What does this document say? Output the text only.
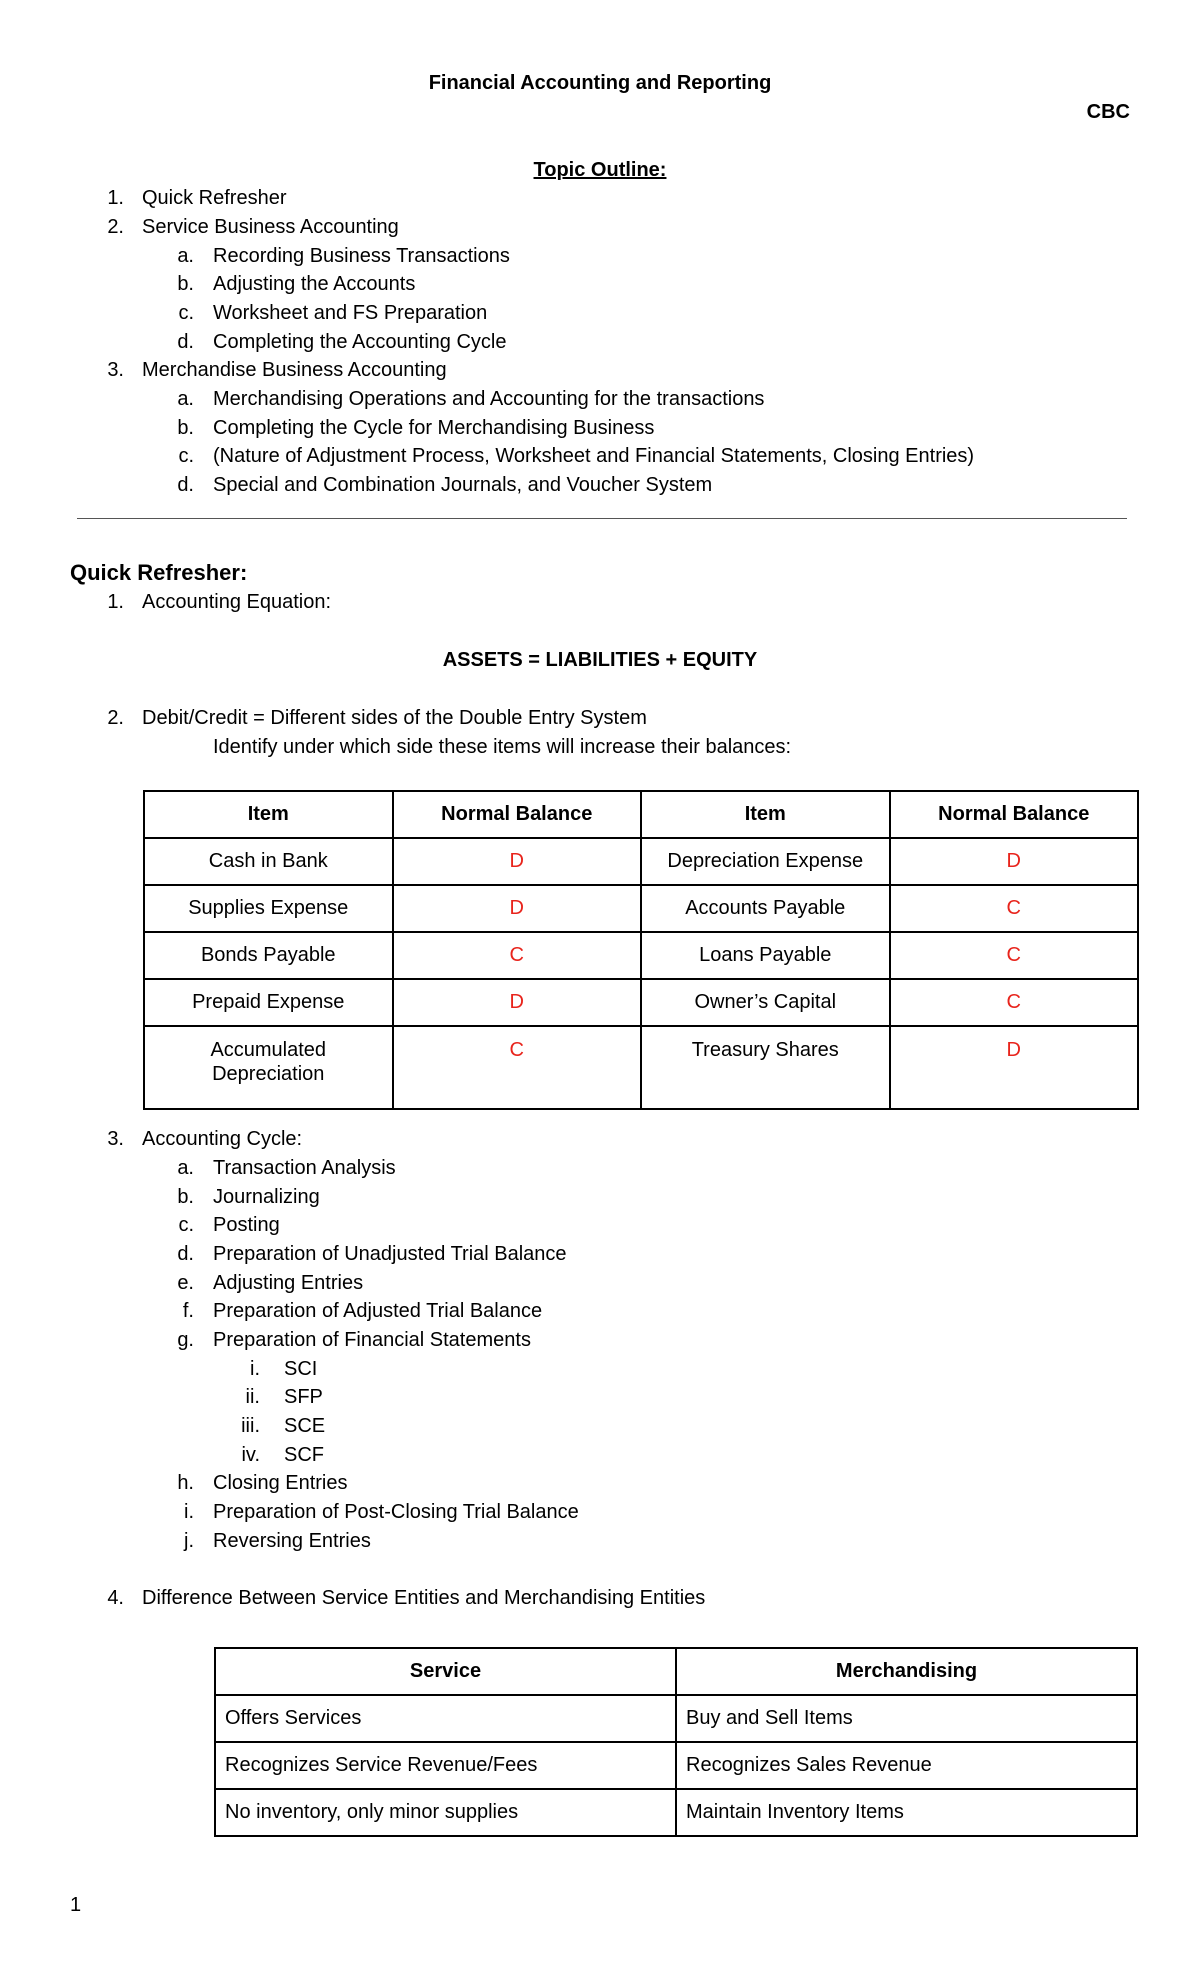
Financial Accounting and Reporting
CBC
Topic Outline:
1. Quick Refresher
2. Service Business Accounting
a. Recording Business Transactions
b. Adjusting the Accounts
c. Worksheet and FS Preparation
d. Completing the Accounting Cycle
3. Merchandise Business Accounting
a. Merchandising Operations and Accounting for the transactions
b. Completing the Cycle for Merchandising Business
c. (Nature of Adjustment Process, Worksheet and Financial Statements, Closing Entries)
d. Special and Combination Journals, and Voucher System
Quick Refresher:
1. Accounting Equation:
ASSETS = LIABILITIES + EQUITY
2. Debit/Credit = Different sides of the Double Entry System
Identify under which side these items will increase their balances:
Item	Normal Balance	Item	Normal Balance
Cash in Bank	D	Depreciation Expense	D
Supplies Expense	D	Accounts Payable	C
Bonds Payable	C	Loans Payable	C
Prepaid Expense	D	Owner’s Capital	C
Accumulated Depreciation	C	Treasury Shares	D
3. Accounting Cycle:
a. Transaction Analysis
b. Journalizing
c. Posting
d. Preparation of Unadjusted Trial Balance
e. Adjusting Entries
f. Preparation of Adjusted Trial Balance
g. Preparation of Financial Statements
i. SCI
ii. SFP
iii. SCE
iv. SCF
h. Closing Entries
i. Preparation of Post-Closing Trial Balance
j. Reversing Entries
4. Difference Between Service Entities and Merchandising Entities
Service	Merchandising
Offers Services	Buy and Sell Items
Recognizes Service Revenue/Fees	Recognizes Sales Revenue
No inventory, only minor supplies	Maintain Inventory Items
1
